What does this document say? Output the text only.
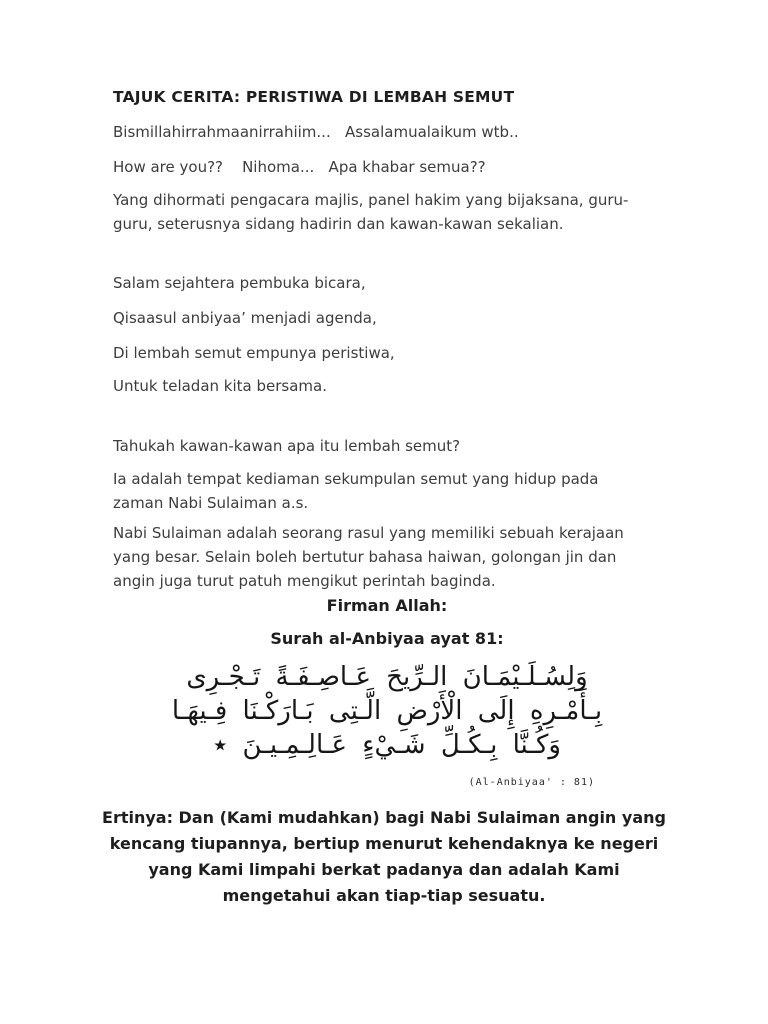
TAJUK CERITA: PERISTIWA DI LEMBAH SEMUT
Bismillahirrahmaanirrahiim...   Assalamualaikum wtb..
How are you??    Nihoma...   Apa khabar semua??
Yang dihormati pengacara majlis, panel hakim yang bijaksana, guru-
guru, seterusnya sidang hadirin dan kawan-kawan sekalian.
Salam sejahtera pembuka bicara,
Qisaasul anbiyaa’ menjadi agenda,
Di lembah semut empunya peristiwa,
Untuk teladan kita bersama.
Tahukah kawan-kawan apa itu lembah semut?
Ia adalah tempat kediaman sekumpulan semut yang hidup pada
zaman Nabi Sulaiman a.s.
Nabi Sulaiman adalah seorang rasul yang memiliki sebuah kerajaan
yang besar. Selain boleh bertutur bahasa haiwan, golongan jin dan
angin juga turut patuh mengikut perintah baginda.
Firman Allah:
Surah al-Anbiyaa ayat 81:
وَلِسُـلَـيْمَـانَ الـرِّيحَ عَـاصِـفَـةً تَـجْـرِى
بِـأَمْـرِهِ إِلَى الْأَرْضِ الَّـتِى بَـارَكْـنَا فِـيهَـا
وَكُـنَّا بِـكُـلِّ شَـيْءٍ عَـالِـمِـيـنَ ٭
(Al-Anbiyaa' : 81)
Ertinya: Dan (Kami mudahkan) bagi Nabi Sulaiman angin yang
kencang tiupannya, bertiup menurut kehendaknya ke negeri
yang Kami limpahi berkat padanya dan adalah Kami
mengetahui akan tiap-tiap sesuatu.
